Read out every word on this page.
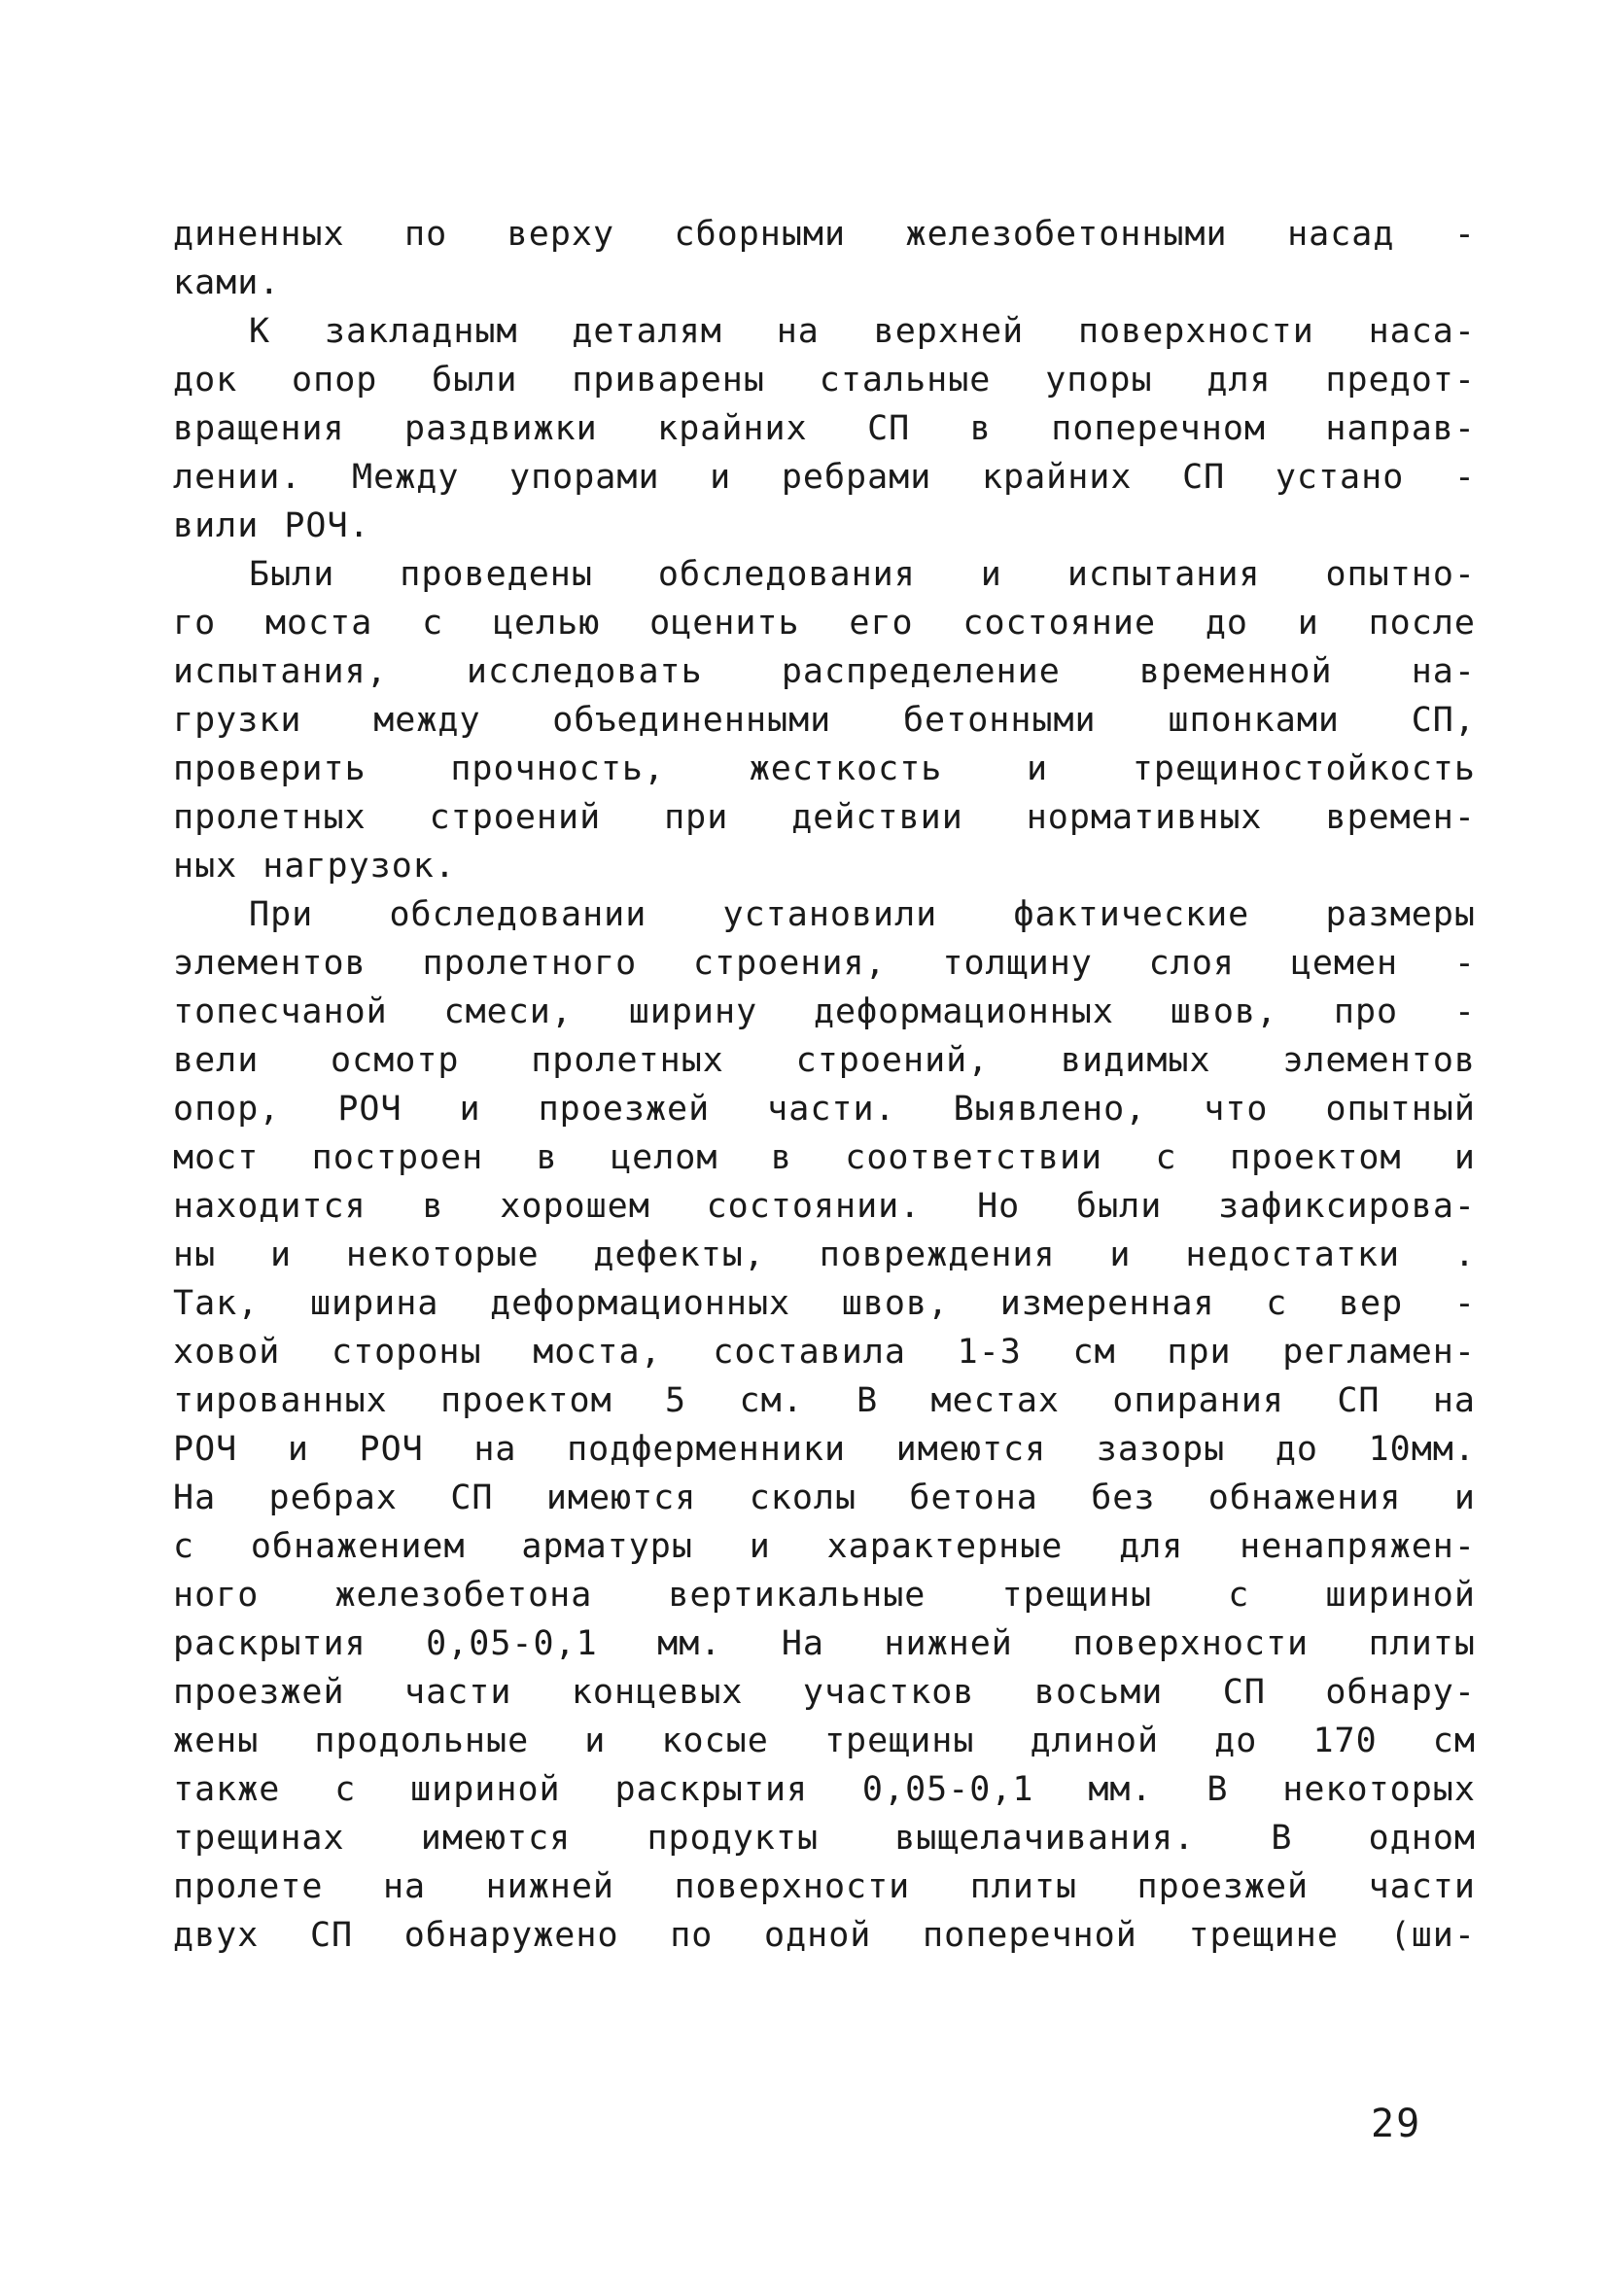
диненных по верху сборными железобетонными насад -
ками.
К закладным деталям на верхней поверхности наса-
док опор были приварены стальные упоры для предот-
вращения раздвижки крайних СП в поперечном направ-
лении. Между упорами и ребрами крайних СП устано -
вили РОЧ.
Были проведены обследования и испытания опытно-
го моста с целью оценить его состояние до и после
испытания, исследовать распределение временной на-
грузки между объединенными бетонными шпонками СП,
проверить прочность, жесткость и трещиностойкость
пролетных строений при действии нормативных времен-
ных нагрузок.
При обследовании установили фактические размеры
элементов пролетного строения, толщину слоя цемен -
топесчаной смеси, ширину деформационных швов, про -
вели осмотр пролетных строений, видимых элементов
опор, РОЧ и проезжей части. Выявлено, что опытный
мост построен в целом в соответствии с проектом и
находится в хорошем состоянии. Но были зафиксирова-
ны и некоторые дефекты, повреждения и недостатки .
Так, ширина деформационных швов, измеренная с вер -
ховой стороны моста, составила 1-3 см при регламен-
тированных проектом 5 см. В местах опирания СП на
РОЧ и РОЧ на подферменники имеются зазоры до 10мм.
На ребрах СП имеются сколы бетона без обнажения и
с обнажением арматуры и характерные для ненапряжен-
ного железобетона вертикальные трещины с шириной
раскрытия 0,05-0,1 мм. На нижней поверхности плиты
проезжей части концевых участков восьми СП обнару-
жены продольные и косые трещины длиной до 170 см
также с шириной раскрытия 0,05-0,1 мм. В некоторых
трещинах имеются продукты выщелачивания. В одном
пролете на нижней поверхности плиты проезжей части
двух СП обнаружено по одной поперечной трещине (ши-
29
